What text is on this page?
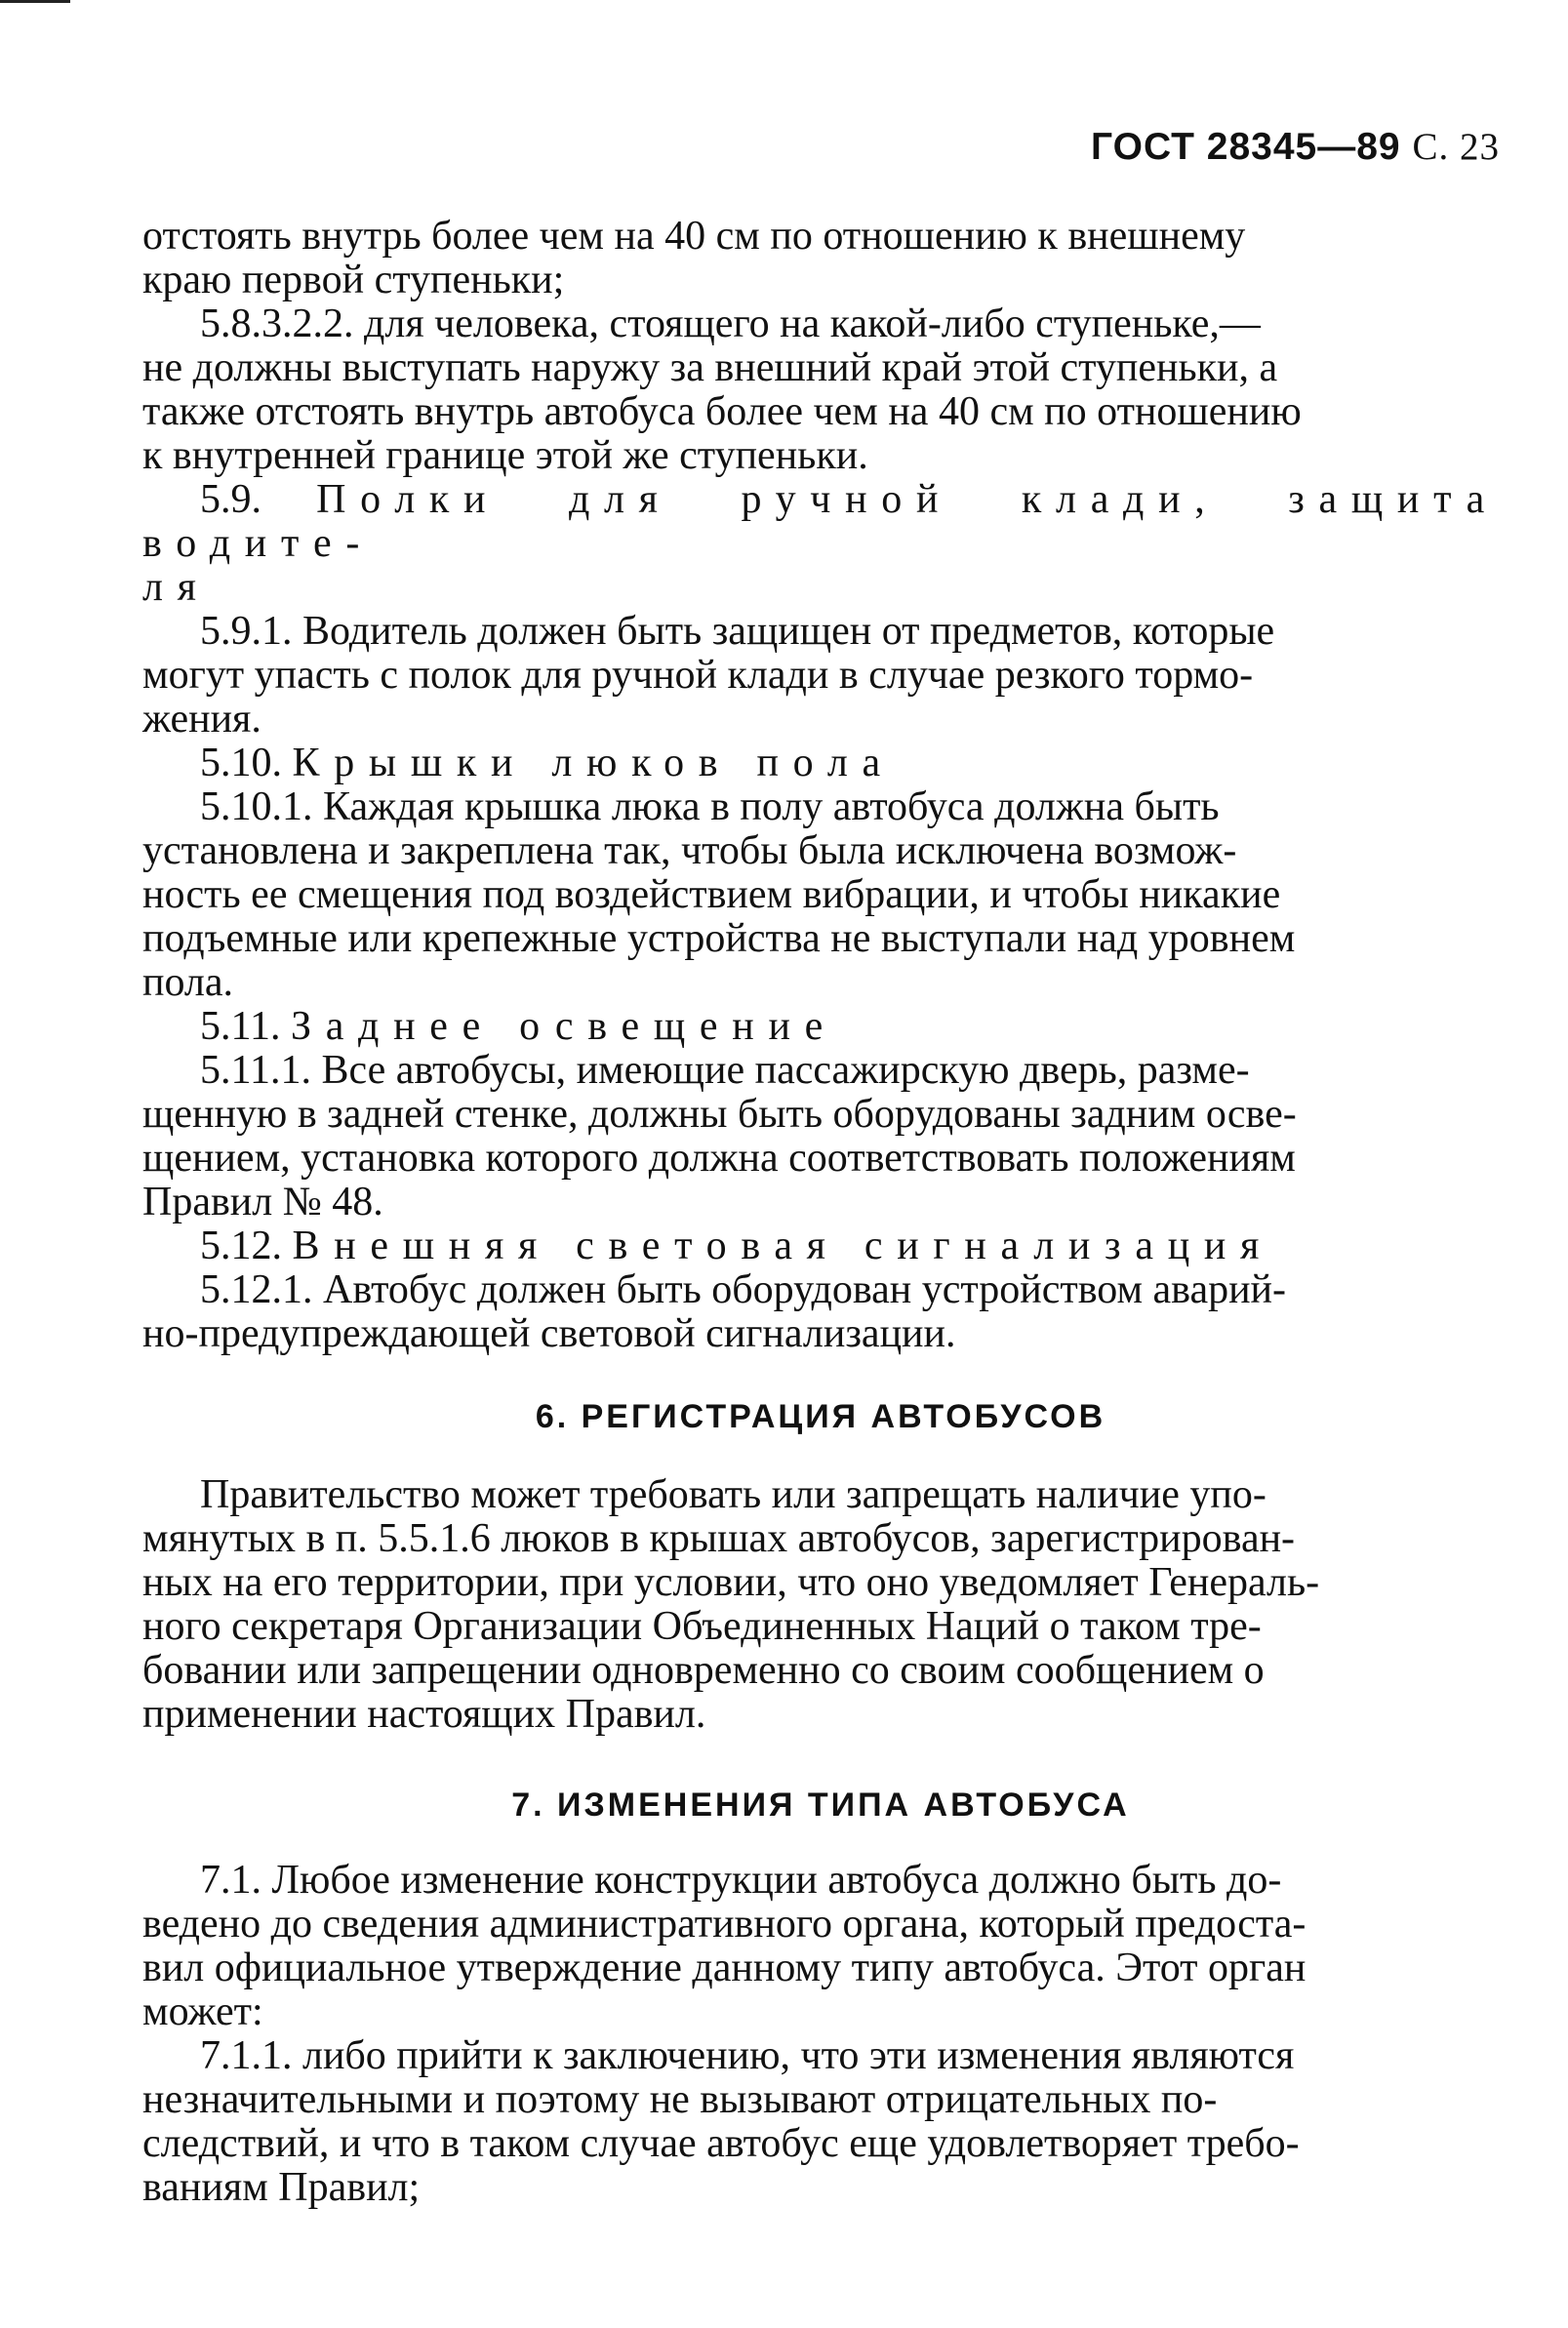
ГОСТ 28345—89 С. 23

отстоять внутрь более чем на 40 см по отношению к внешнему
краю первой ступеньки;

5.8.3.2.2. для человека, стоящего на какой-либо ступеньке,—
не должны выступать наружу за внешний край этой ступеньки, а
также отстоять внутрь автобуса более чем на 40 см по отношению
к внутренней границе этой же ступеньки.

5.9. Полки для ручной клади, защита водите-
ля

5.9.1. Водитель должен быть защищен от предметов, которые
могут упасть с полок для ручной клади в случае резкого тормо-
жения.

5.10. Крышки люков пола

5.10.1. Каждая крышка люка в полу автобуса должна быть
установлена и закреплена так, чтобы была исключена возмож-
ность ее смещения под воздействием вибрации, и чтобы никакие
подъемные или крепежные устройства не выступали над уровнем
пола.

5.11. Заднее освещение

5.11.1. Все автобусы, имеющие пассажирскую дверь, разме-
щенную в задней стенке, должны быть оборудованы задним осве-
щением, установка которого должна соответствовать положениям
Правил № 48.

5.12. Внешняя световая сигнализация

5.12.1. Автобус должен быть оборудован устройством аварий-
но-предупреждающей световой сигнализации.

6. РЕГИСТРАЦИЯ АВТОБУСОВ

Правительство может требовать или запрещать наличие упо-
мянутых в п. 5.5.1.6 люков в крышах автобусов, зарегистрирован-
ных на его территории, при условии, что оно уведомляет Генераль-
ного секретаря Организации Объединенных Наций о таком тре-
бовании или запрещении одновременно со своим сообщением о
применении настоящих Правил.

7. ИЗМЕНЕНИЯ ТИПА АВТОБУСА

7.1. Любое изменение конструкции автобуса должно быть до-
ведено до сведения административного органа, который предоста-
вил официальное утверждение данному типу автобуса. Этот орган
может:

7.1.1. либо прийти к заключению, что эти изменения являются
незначительными и поэтому не вызывают отрицательных по-
следствий, и что в таком случае автобус еще удовлетворяет требо-
ваниям Правил;
